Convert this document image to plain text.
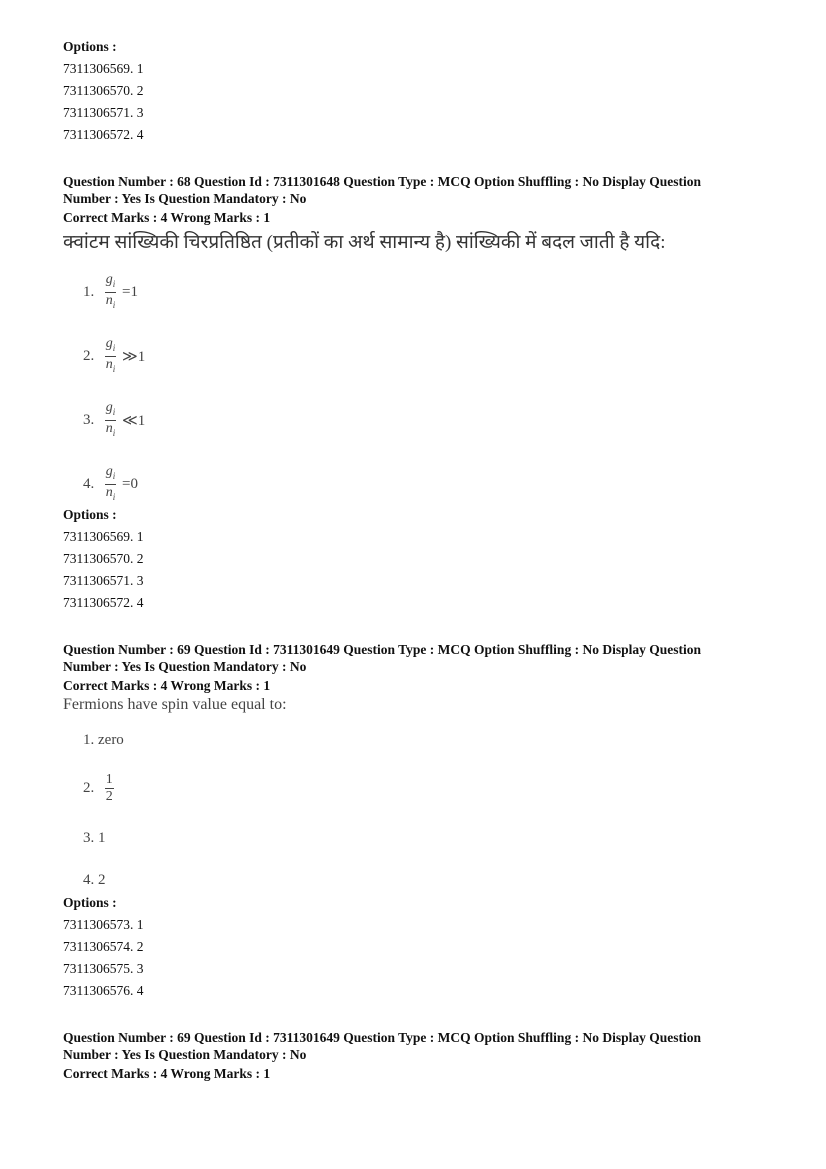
Options :
7311306569. 1
7311306570. 2
7311306571. 3
7311306572. 4
Question Number : 68 Question Id : 7311301648 Question Type : MCQ Option Shuffling : No Display Question
Number : Yes Is Question Mandatory : No
Correct Marks : 4 Wrong Marks : 1
क्वांटम सांख्यिकी चिरप्रतिष्ठित (प्रतीकों का अर्थ सामान्य है) सांख्यिकी में बदल जाती है यदि:
1. $\frac{g_i}{n_i} =1$
2. $\frac{g_i}{n_i}$ ≫1
3. $\frac{g_i}{n_i}$ ≪1
4. $\frac{g_i}{n_i} =0$
Options :
7311306569. 1
7311306570. 2
7311306571. 3
7311306572. 4
Question Number : 69 Question Id : 7311301649 Question Type : MCQ Option Shuffling : No Display Question
Number : Yes Is Question Mandatory : No
Correct Marks : 4 Wrong Marks : 1
Fermions have spin value equal to:
1. zero
2. $\frac{1}{2}$
3. 1
4. 2
Options :
7311306573. 1
7311306574. 2
7311306575. 3
7311306576. 4
Question Number : 69 Question Id : 7311301649 Question Type : MCQ Option Shuffling : No Display Question
Number : Yes Is Question Mandatory : No
Correct Marks : 4 Wrong Marks : 1
